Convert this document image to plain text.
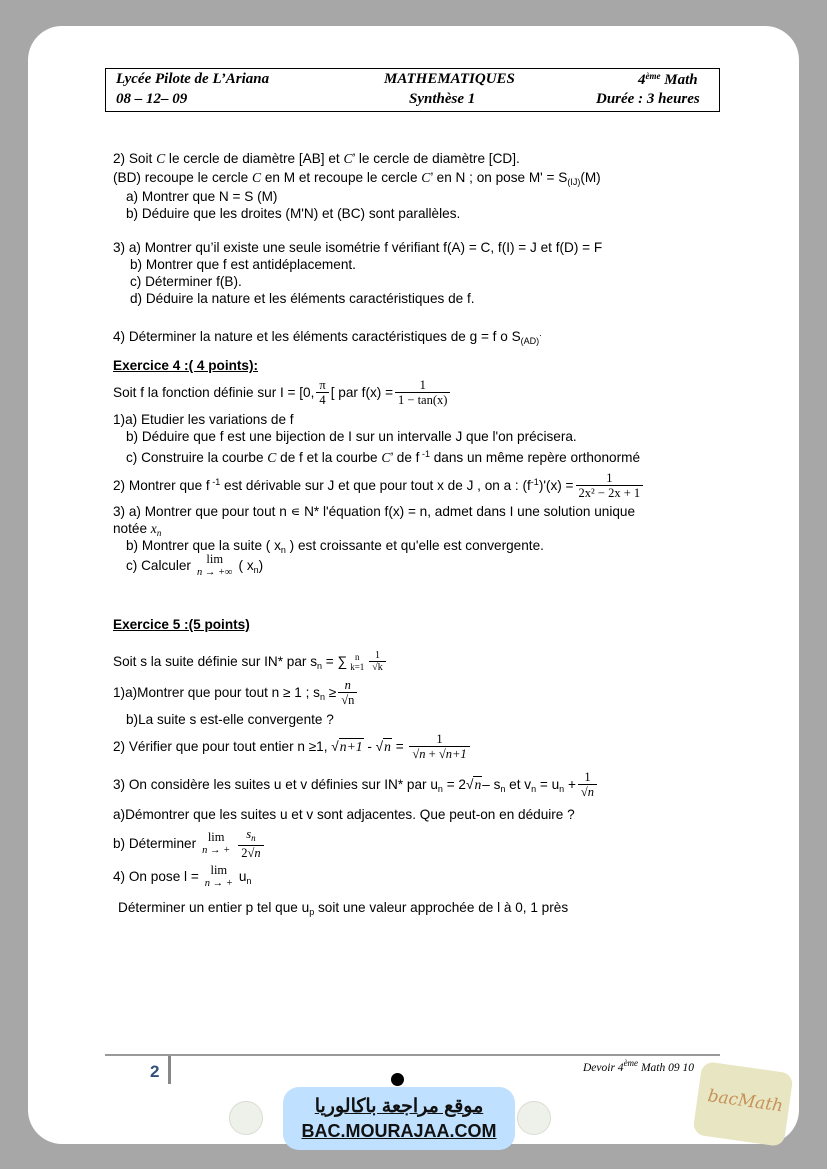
Lycée Pilote de L’Ariana	MATHEMATIQUES	4ème Math
08 – 12– 09	Synthèse 1	Durée : 3 heures
2) Soit C le cercle de diamètre [AB] et C’ le cercle de diamètre [CD].
(BD) recoupe le cercle C en M et recoupe le cercle C’ en N ; on pose $M' = S_{(IJ)}(M)$
a) Montrer que N = S (M)
b) Déduire que les droites (M'N) et (BC) sont parallèles.
3) a) Montrer qu’il existe une seule isométrie f vérifiant f(A) = C, f(I) = J et f(D) = F
b) Montrer que f est antidéplacement.
c) Déterminer f(B).
d) Déduire la nature et les éléments caractéristiques de f.
4) Déterminer la nature et les éléments caractéristiques de g = f o $S_{(AD)}^.$
Exercice 4 :( 4 points):
Soit f la fonction définie sur I = [0, $\frac{\pi}{4}$ [ par $f(x) = \frac{1}{1 - \tan(x)}$
1)a) Etudier les variations de f
b) Déduire que f est une bijection de I sur un intervalle J que l'on précisera.
c) Construire la courbe C de f et la courbe C’ de f $^{-1}$ dans un même repère orthonormé
2) Montrer que f $^{-1}$ est dérivable sur J et que pour tout x de J , on a : $(f^{-1})'(x) = \frac{1}{\text{2x² − 2x + 1}}$
3) a) Montrer que pour tout n ∊ N* l'équation f(x) = n, admet dans I une solution unique
notée $x_n$
b) Montrer que la suite ( $x_n$ ) est croissante et qu'elle est convergente.
c) Calculer lim
n → +∞ ( $x_n$)
Exercice 5 :(5 points)
Soit s la suite définie sur IN* par $s_n$ = ∑ n
$k=1 \frac{1}{√k}$
1)a)Montrer que pour tout n ≥ 1 ; $s_n \ge \frac{n}{√n}$
b)La suite s est-elle convergente ?
2) Vérifier que pour tout entier n ≥1, $√n+1 - √n = \frac{1}{√n + √n+1}$
3) On considère les suites u et v définies sur IN* par $u_n = 2√n-$ $s_n$ et $v_n = u_n + \frac{1}{√n}$
a)Démontrer que les suites u et v sont adjacentes. Que peut-on en déduire ?
b) Déterminer lim
n → + $\frac{s_n}{2√n}$
4) On pose l = lim
n → + $u_n$
Déterminer un entier p tel que $u_p$ soit une valeur approchée de l à 0, 1 près
2	Devoir 4ème Math 09 10
موقع مراجعة باكالوريا
BAC.MOURAJAA.COM
bacMath
